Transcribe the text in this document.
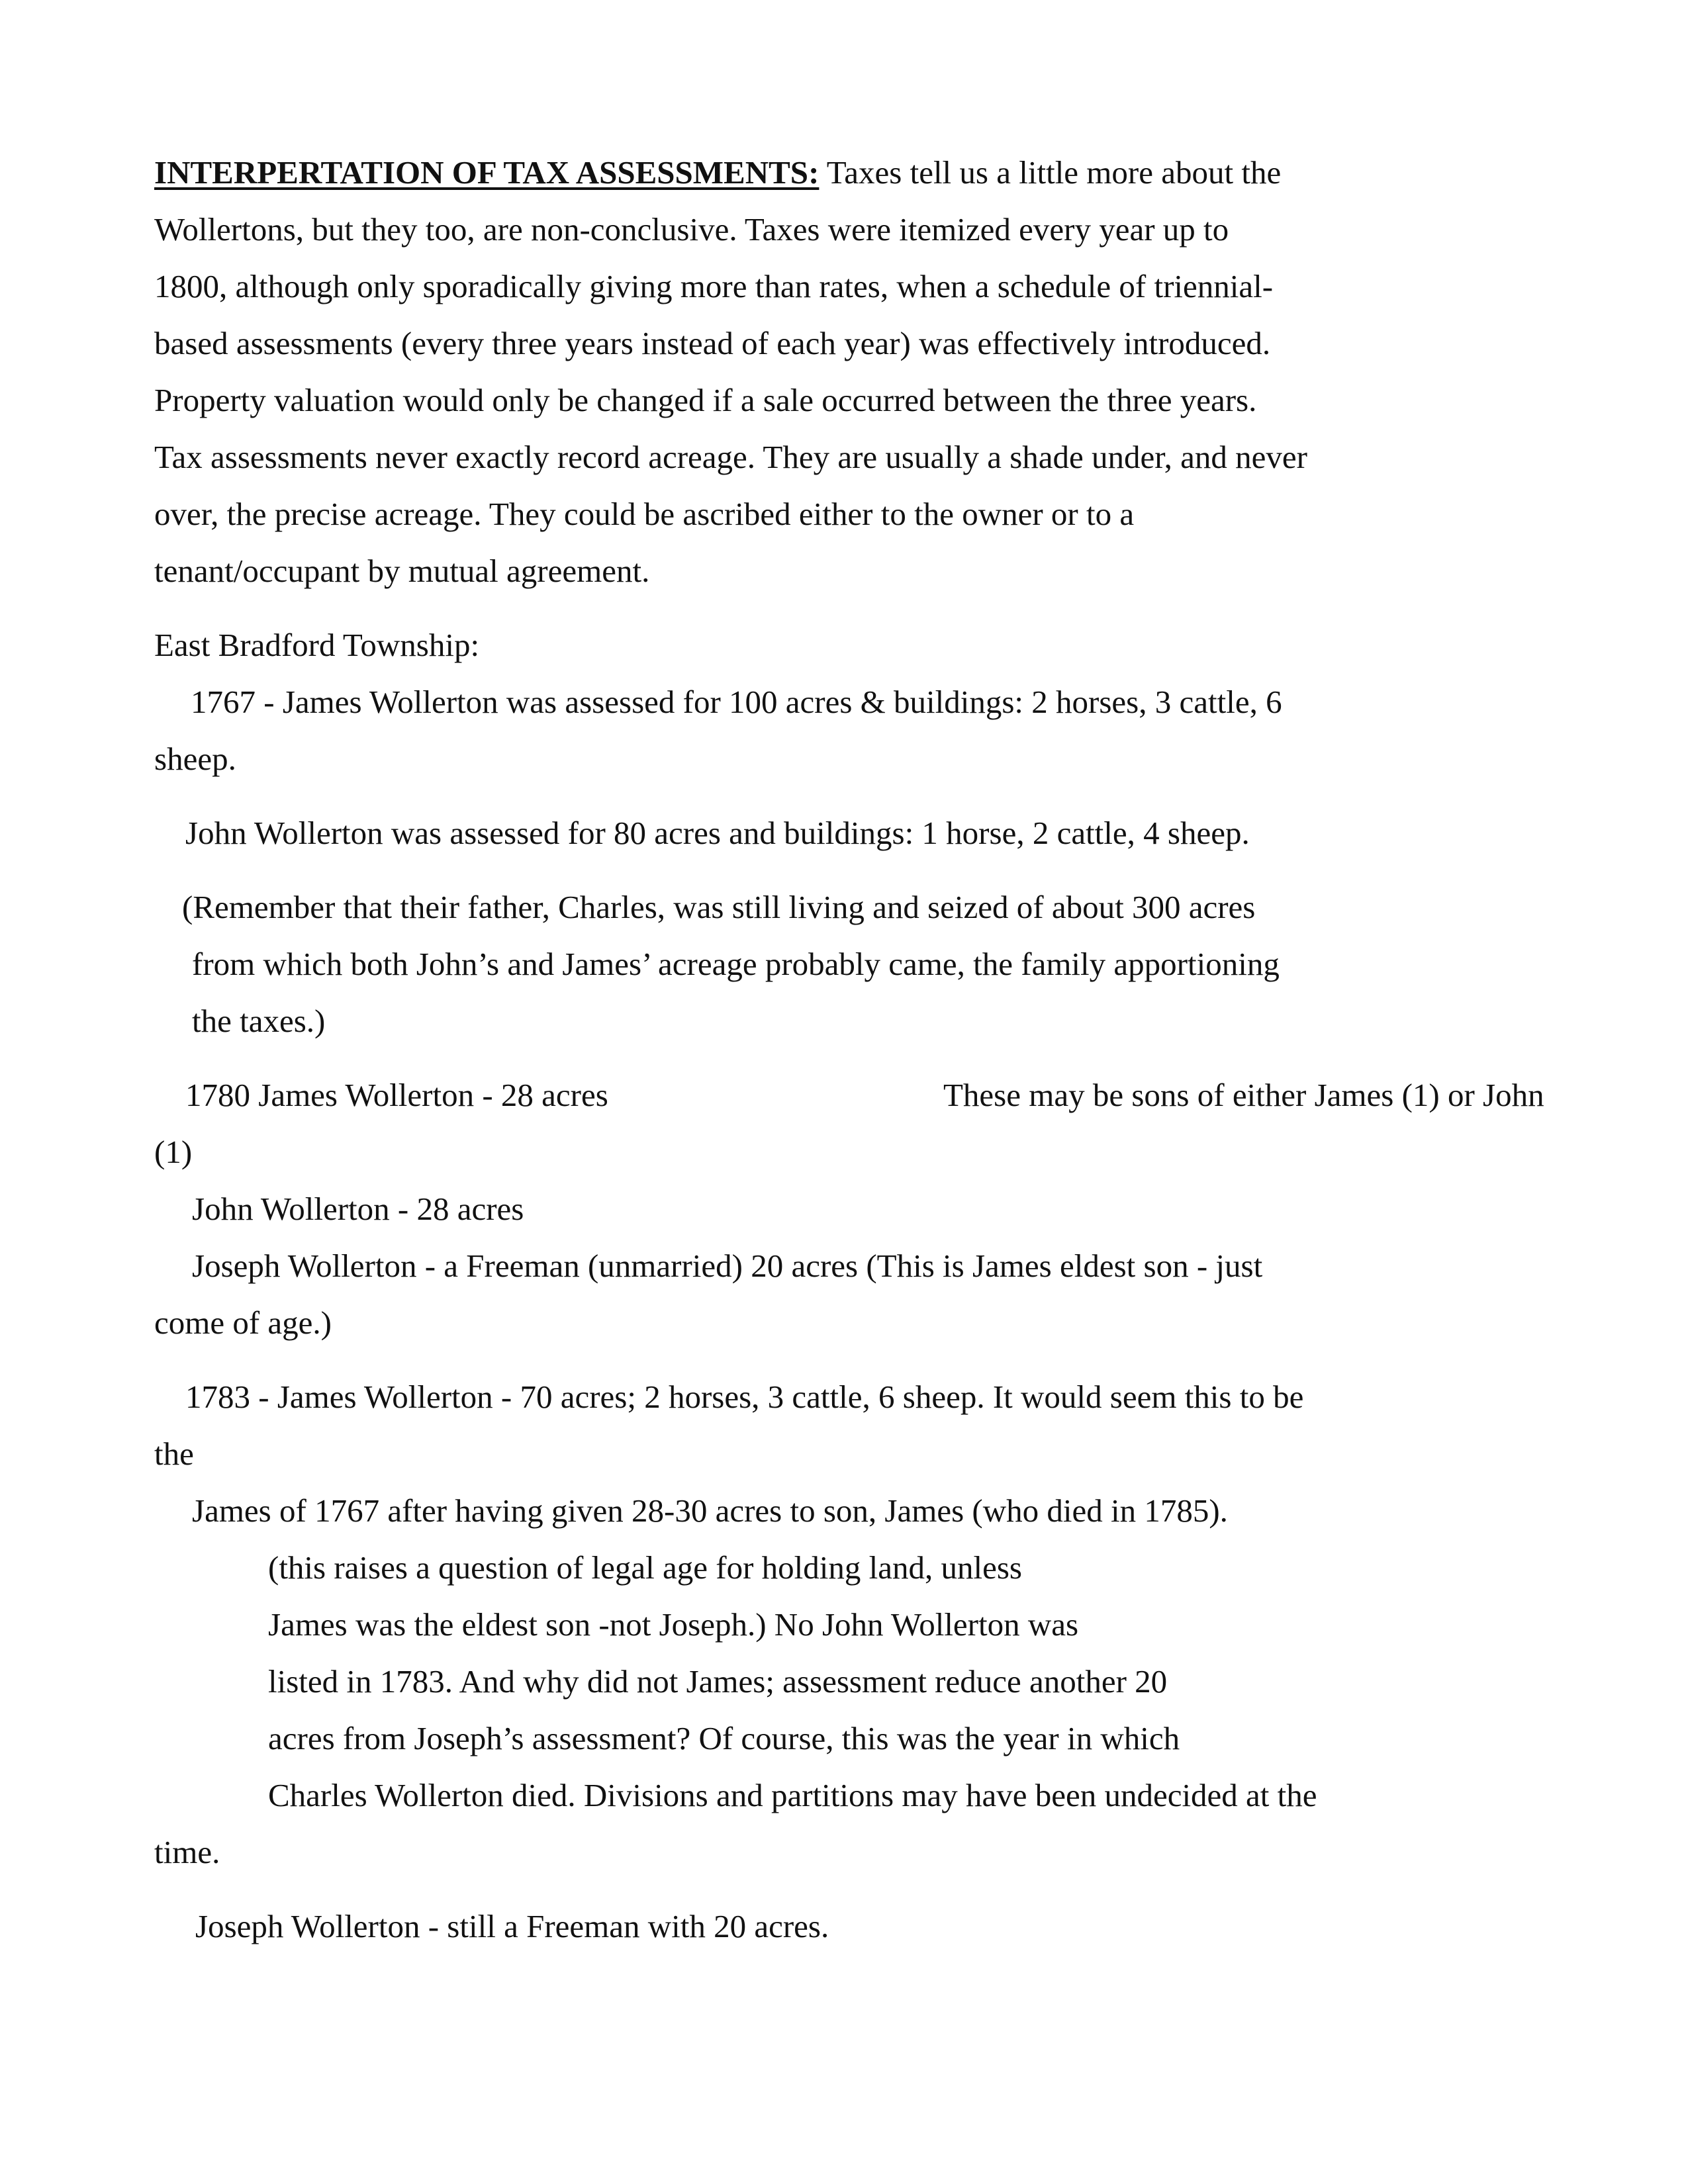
INTERPERTATION OF TAX ASSESSMENTS: Taxes tell us a little more about the

Wollertons, but they too, are non-conclusive. Taxes were itemized every year up to

1800, although only sporadically giving more than rates, when a schedule of triennial-

based assessments (every three years instead of each year) was effectively introduced.

Property valuation would only be changed if a sale occurred between the three years.

Tax assessments never exactly record acreage. They are usually a shade under, and never

over, the precise acreage. They could be ascribed either to the owner or to a

tenant/occupant by mutual agreement.

East Bradford Township:

1767 - James Wollerton was assessed for 100 acres & buildings: 2 horses, 3 cattle, 6

sheep.

John Wollerton was assessed for 80 acres and buildings: 1 horse, 2 cattle, 4 sheep.

(Remember that their father, Charles, was still living and seized of about 300 acres

from which both John’s and James’ acreage probably came, the family apportioning

the taxes.)

1780 James Wollerton - 28 acres	These may be sons of either James (1) or John

(1)

John Wollerton - 28 acres

Joseph Wollerton - a Freeman (unmarried) 20 acres (This is James eldest son - just

come of age.)

1783 - James Wollerton - 70 acres; 2 horses, 3 cattle, 6 sheep. It would seem this to be

the

James of 1767 after having given 28-30 acres to son, James (who died in 1785).

(this raises a question of legal age for holding land, unless

James was the eldest son -not Joseph.) No John Wollerton was

listed in 1783. And why did not James; assessment reduce another 20

acres from Joseph’s assessment? Of course, this was the year in which

Charles Wollerton died. Divisions and partitions may have been undecided at the

time.

Joseph Wollerton - still a Freeman with 20 acres.
